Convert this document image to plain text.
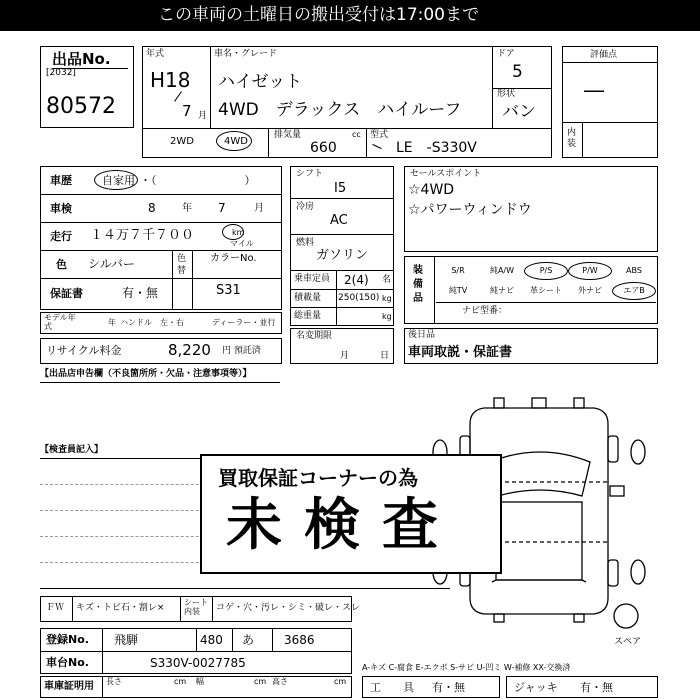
この車両の土曜日の搬出受付は17:00まで
出品No.
[2032]
80572
年式
H18
7 月
車名・グレード
ハイゼット
4WD　デラックス　ハイルーフ
ドア
5
形状
バン
2WD	4WD
排気量	cc
660
型式
LE　-S330V
評価点
―
内装
車歴	自家用 ・（　　　　　　　　）
車検	8	年 7	月
走行 １４万７千７００	km
マイル
色 シルバー	色替
カラーNo.
S31
保証書	有・無
モデル年式	年 ハンドル　左・右	ディーラー・並行
リサイクル料金	8,220 円 預託済
シフト
I5
冷房
AC
燃料
ガソリン
乗車定員 2(4) 名
積載量 250(150) kg
総重量	kg
名変期限
月	日
セールスポイント
☆4WD
☆パワーウィンドウ
装備品
S/R	純A/W	P/S	P/W	ABS
純TV	純ナビ	革シート	外ナビ	エアB
ナビ型番：
後日品
車両取説・保証書
【出品店申告欄（不良箇所所・欠品・注意事項等）】
【検査員記入】
スペア
買取保証コーナーの為
未検査
ＦＷ キズ・トビ石・割レ×
シート内装	コゲ・穴・汚レ・シミ・破レ・スレ
登録No. 飛騨	480 あ 3686
車台No.	S330V-0027785
車庫証明用 長さ	cm 幅	cm 高さ	cm
A-キズ C-腐食 E-エクボ S-サビ U-凹ミ W-補修 XX-交換済
工　　具 有・無	ジャッキ 有・無
